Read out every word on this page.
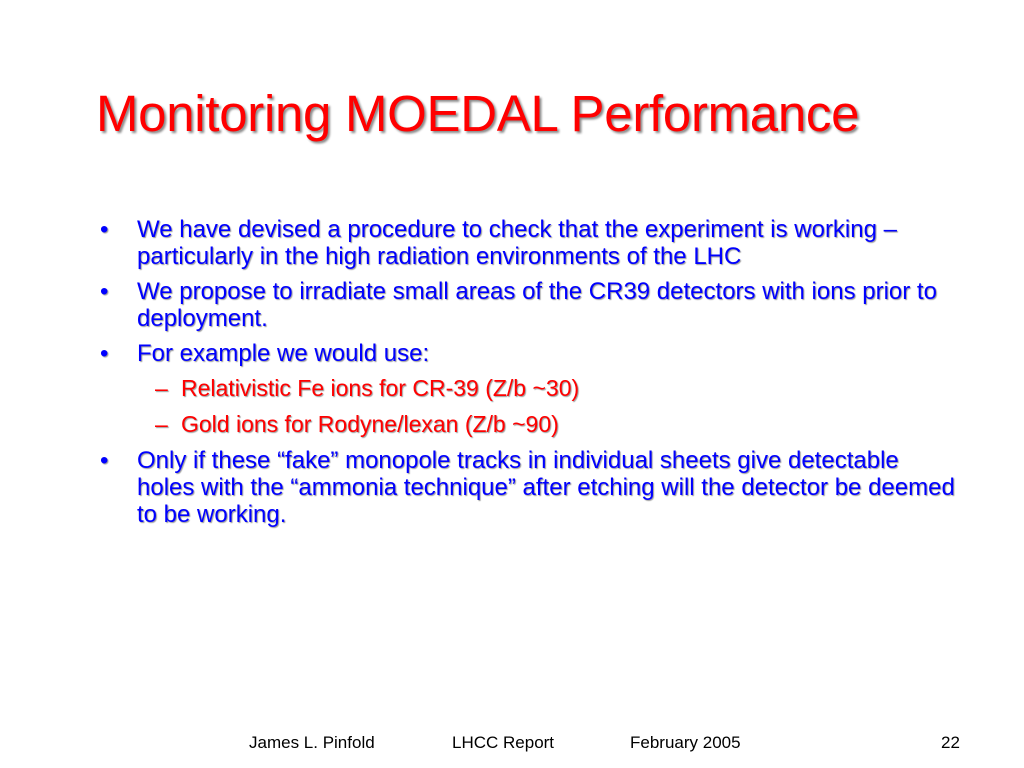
Monitoring MOEDAL Performance
• We have devised a procedure to check that the experiment is working – particularly in the high radiation environments of the LHC
• We propose to irradiate small areas of the CR39 detectors with ions prior to deployment.
• For example we would use:
– Relativistic Fe ions for CR-39 (Z/b ~30)
– Gold ions for Rodyne/lexan (Z/b ~90)
• Only if these “fake” monopole tracks in individual sheets give detectable holes with the “ammonia technique” after etching will the detector be deemed to be working.
James L. Pinfold	LHCC Report	February 2005	22
